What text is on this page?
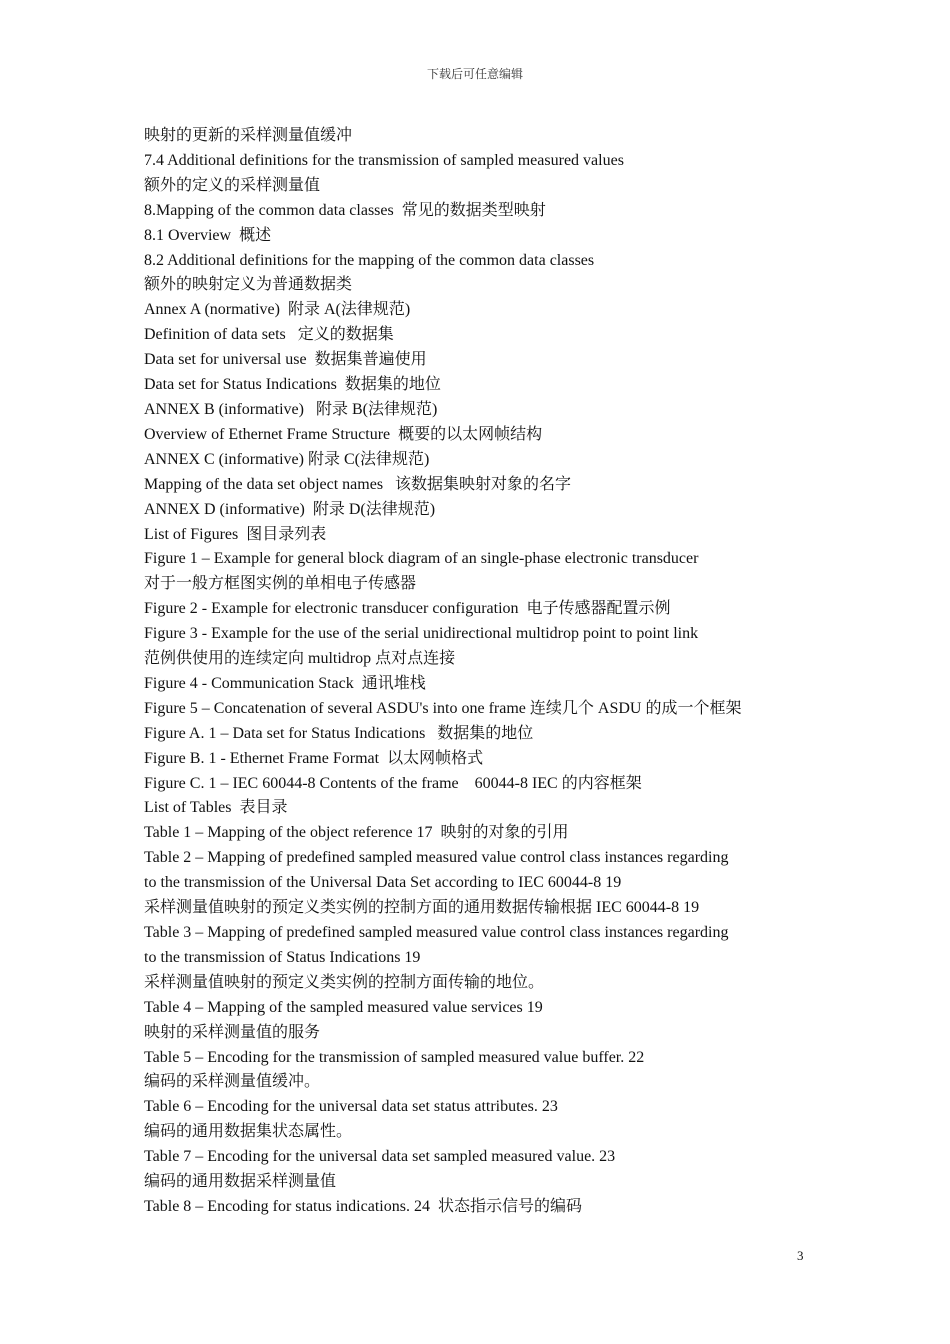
下载后可任意编辑
映射的更新的采样测量值缓冲
7.4 Additional definitions for the transmission of sampled measured values
额外的定义的采样测量值
8.Mapping of the common data classes  常见的数据类型映射
8.1 Overview  概述
8.2 Additional definitions for the mapping of the common data classes
额外的映射定义为普通数据类
Annex A (normative)  附录 A(法律规范)
Definition of data sets   定义的数据集
Data set for universal use  数据集普遍使用
Data set for Status Indications  数据集的地位
ANNEX B (informative)   附录 B(法律规范)
Overview of Ethernet Frame Structure  概要的以太网帧结构
ANNEX C (informative) 附录 C(法律规范)
Mapping of the data set object names   该数据集映射对象的名字
ANNEX D (informative)  附录 D(法律规范)
List of Figures  图目录列表
Figure 1 – Example for general block diagram of an single-phase electronic transducer
对于一般方框图实例的单相电子传感器
Figure 2 - Example for electronic transducer configuration  电子传感器配置示例
Figure 3 - Example for the use of the serial unidirectional multidrop point to point link
范例供使用的连续定向 multidrop 点对点连接
Figure 4 - Communication Stack  通讯堆栈
Figure 5 – Concatenation of several ASDU's into one frame 连续几个 ASDU 的成一个框架
Figure A. 1 – Data set for Status Indications   数据集的地位
Figure B. 1 - Ethernet Frame Format  以太网帧格式
Figure C. 1 – IEC 60044-8 Contents of the frame    60044-8 IEC 的内容框架
List of Tables  表目录
Table 1 – Mapping of the object reference 17  映射的对象的引用
Table 2 – Mapping of predefined sampled measured value control class instances regarding
to the transmission of the Universal Data Set according to IEC 60044-8 19
采样测量值映射的预定义类实例的控制方面的通用数据传输根据 IEC 60044-8 19
Table 3 – Mapping of predefined sampled measured value control class instances regarding
to the transmission of Status Indications 19
采样测量值映射的预定义类实例的控制方面传输的地位。
Table 4 – Mapping of the sampled measured value services 19
映射的采样测量值的服务
Table 5 – Encoding for the transmission of sampled measured value buffer. 22
编码的采样测量值缓冲。
Table 6 – Encoding for the universal data set status attributes. 23
编码的通用数据集状态属性。
Table 7 – Encoding for the universal data set sampled measured value. 23
编码的通用数据采样测量值
Table 8 – Encoding for status indications. 24  状态指示信号的编码
3
